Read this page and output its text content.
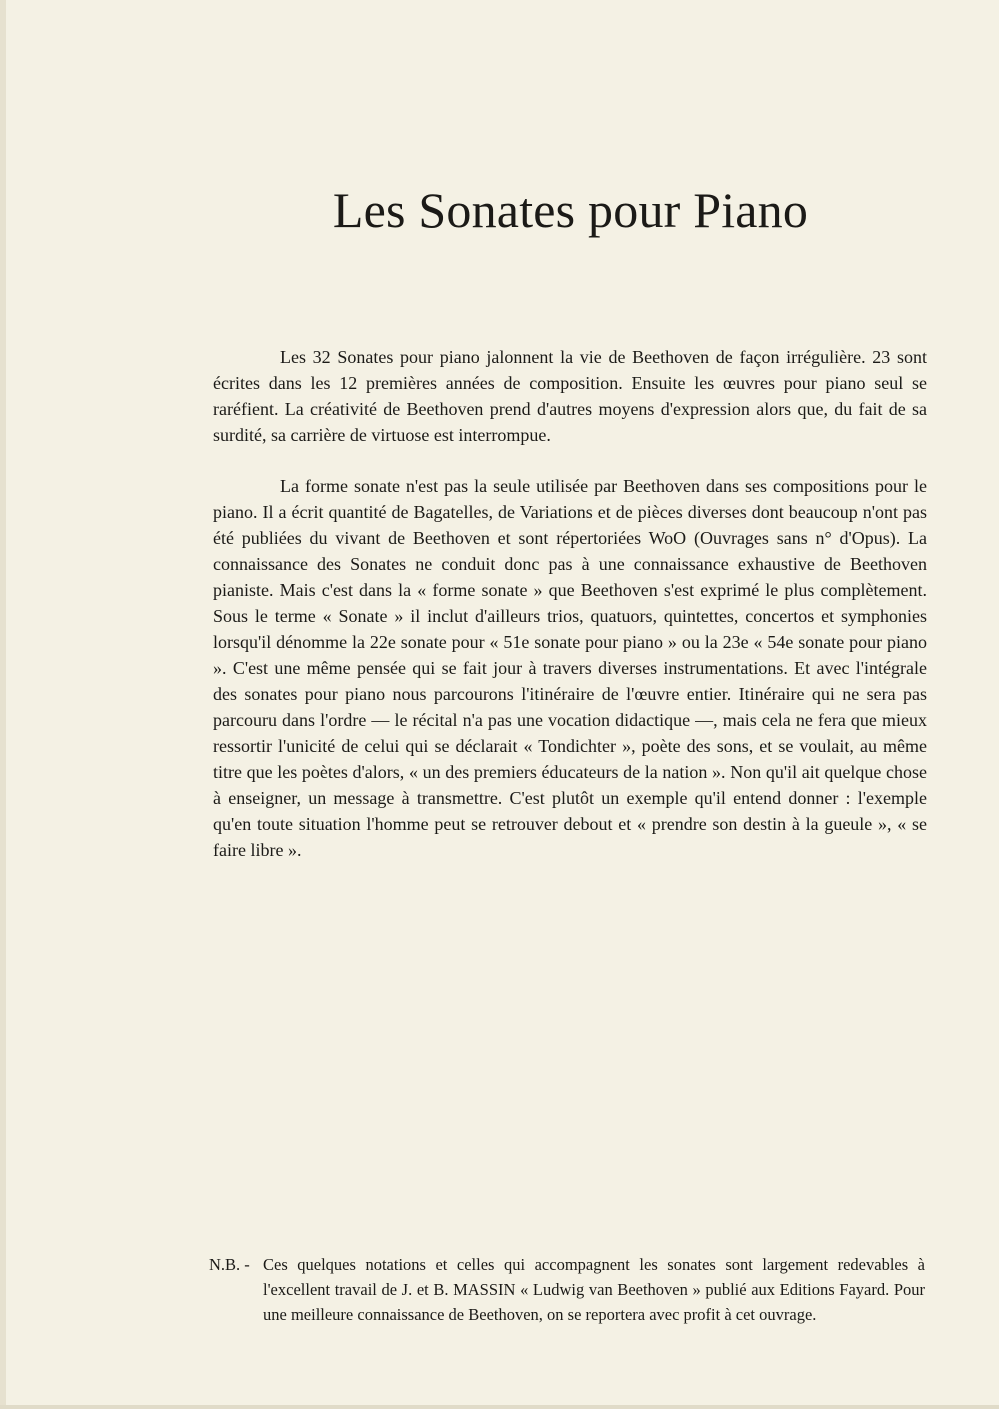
Les Sonates pour Piano

Les 32 Sonates pour piano jalonnent la vie de Beethoven de façon irrégulière. 23 sont écrites dans les 12 premières années de composition. Ensuite les œuvres pour piano seul se raréfient. La créativité de Beethoven prend d'autres moyens d'expression alors que, du fait de sa surdité, sa carrière de virtuose est interrompue.

La forme sonate n'est pas la seule utilisée par Beethoven dans ses compositions pour le piano. Il a écrit quantité de Bagatelles, de Variations et de pièces diverses dont beaucoup n'ont pas été publiées du vivant de Beethoven et sont répertoriées WoO (Ouvrages sans n° d'Opus). La connaissance des Sonates ne conduit donc pas à une connaissance exhaustive de Beethoven pianiste. Mais c'est dans la « forme sonate » que Beethoven s'est exprimé le plus complètement. Sous le terme « Sonate » il inclut d'ailleurs trios, quatuors, quintettes, concertos et symphonies lorsqu'il dénomme la 22e sonate pour « 51e sonate pour piano » ou la 23e « 54e sonate pour piano ». C'est une même pensée qui se fait jour à travers diverses instrumentations. Et avec l'intégrale des sonates pour piano nous parcourons l'itinéraire de l'œuvre entier. Itinéraire qui ne sera pas parcouru dans l'ordre — le récital n'a pas une vocation didactique —, mais cela ne fera que mieux ressortir l'unicité de celui qui se déclarait « Tondichter », poète des sons, et se voulait, au même titre que les poètes d'alors, « un des premiers éducateurs de la nation ». Non qu'il ait quelque chose à enseigner, un message à transmettre. C'est plutôt un exemple qu'il entend donner : l'exemple qu'en toute situation l'homme peut se retrouver debout et « prendre son destin à la gueule », « se faire libre ».

N.B. - Ces quelques notations et celles qui accompagnent les sonates sont largement redevables à l'excellent travail de J. et B. MASSIN « Ludwig van Beethoven » publié aux Editions Fayard. Pour une meilleure connaissance de Beethoven, on se reportera avec profit à cet ouvrage.
